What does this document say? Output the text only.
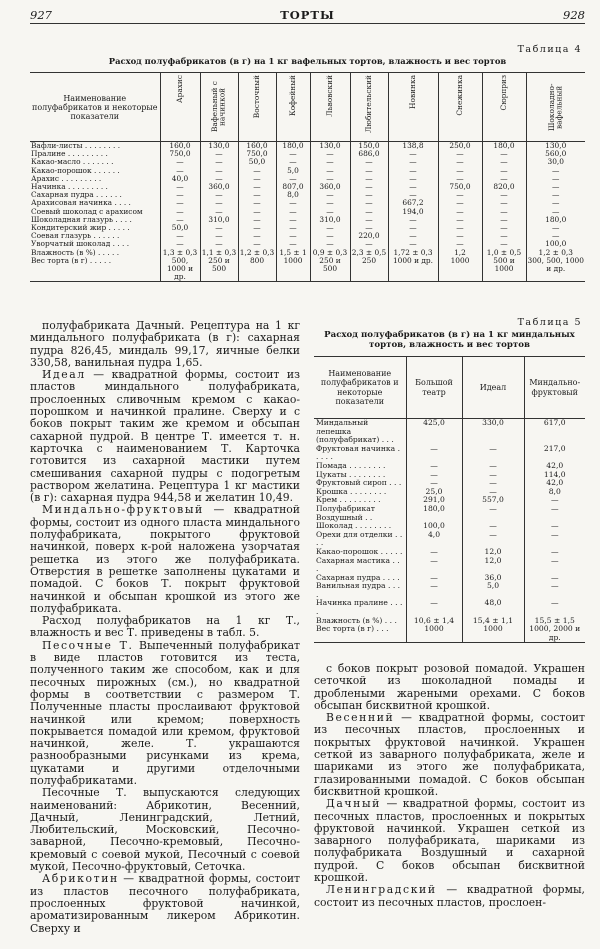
927	ТОРТЫ	928
Таблица 4
Расход полуфабрикатов (в г) на 1 кг вафельных тортов, влажность и вес тортов
Наименование полуфабрикатов и некоторые показатели	Арахис	Вафельный с начинкой	Восточный	Кофейный	Львовский	Любительский	Новинка	Снежинка	Сюрприз	Шоколадно-вафельный

Вафли-листы . . . . . . . .	160,0	130,0	160,0	180,0	130,0	150,0	138,8	250,0	180,0	130,0
Пралине . . . . . . . . .	750,0	—	750,0	—	—	686,0	—	—	—	560,0
Какао-масло . . . . . . .	—	—	50,0	—	—	—	—	—	—	30,0
Какао-порошок . . . . . .	—	—	—	5,0	—	—	—	—	—	—
Арахис . . . . . . . . .	40,0	—	—	—	—	—	—	—	—	—
Начинка . . . . . . . . .	—	360,0	—	807,0	360,0	—	—	750,0	820,0	—
Сахарная пудра . . . . . .	—	—	—	8,0	—	—	—	—	—	—
Арахисовая начинка . . . .	—	—	—	—	—	—	667,2	—	—	—
Соевый шоколад с арахисом	—	—	—	—	—	—	194,0	—	—	—
Шоколадная глазурь . . . .	—	310,0	—	—	310,0	—	—	—	—	180,0
Кондитерский жир . . . . .	50,0	—	—	—	—	—	—	—	—	—
Соевая глазурь . . . . . .	—	—	—	—	—	220,0	—	—	—	—
Уворчатый шоколад . . . .	—	—	—	—	—	—	—	—	—	100,0
Влажность (в %) . . . . .	1,3 ± 0,3	1,1 ± 0,3	1,2 ± 0,3	1,5 ± 1	0,9 ± 0,3	2,3 ± 0,5	1,72 ± 0,3	1,2	1,0 ± 0,5	1,2 ± 0,3
Вес торта (в г) . . . . .	500, 1000 и др.	250 и 500	800	1000	250 и 500	250	1000 и др.	1000	500 и 1000	300, 500, 1000 и др.

полуфабриката Дачный. Рецептура на 1 кг миндального полуфабриката (в г): сахарная пудра 826,45, миндаль 99,17, яичные белки 330,58, ванильная пудра 1,65.

Идеал — квадратной формы, состоит из пластов миндального полуфабриката, прослоенных сливочным кремом с какао-порошком и начинкой пралине. Сверху и с боков покрыт таким же кремом и обсыпан сахарной пудрой. В центре Т. имеется т. н. карточка с наименованием Т. Карточка готовится из сахарной мастики путем смешивания сахарной пудры с подогретым раствором желатина. Рецептура 1 кг мастики (в г): сахарная пудра 944,58 и желатин 10,49.

Миндально-фруктовый — квадратной формы, состоит из одного пласта миндального полуфабриката, покрытого фруктовой начинкой, поверх к-рой наложена узорчатая решетка из этого же полуфабриката. Отверстия в решетке заполнены цукатами и помадой. С боков Т. покрыт фруктовой начинкой и обсыпан крошкой из этого же полуфабриката.

Расход полуфабрикатов на 1 кг Т., влажность и вес Т. приведены в табл. 5.

Песочные Т. Выпеченный полуфабрикат в виде пластов готовится из теста, полученного таким же способом, как и для песочных пирожных (см.), но квадратной формы в соответствии с размером Т. Полученные пласты прослаивают фруктовой начинкой или кремом; поверхность покрывается помадой или кремом, фруктовой начинкой, желе. Т. украшаются разнообразными рисунками из крема, цукатами и другими отделочными полуфабрикатами.

Песочные Т. выпускаются следующих наименований: Абрикотин, Весенний, Дачный, Ленинградский, Летний, Любительский, Московский, Песочно-заварной, Песочно-кремовый, Песочно-кремовый с соевой мукой, Песочный с соевой мукой, Песочно-фруктовый, Сеточка.

Абрикотин — квадратной формы, состоит из пластов песочного полуфабриката, прослоенных фруктовой начинкой, ароматизированным ликером Абрикотин. Сверху и

Таблица 5
Расход полуфабрикатов (в г) на 1 кг миндальных тортов, влажность и вес тортов
Наименование полуфабрикатов и некоторые показатели	Большой театр	Идеал	Миндально-фруктовый
Миндальный лепешка (полуфабрикат) . . .	425,0	330,0	617,0
Фруктовая начинка . . . . .	—	—	217,0
Помада . . . . . . . .	—	—	42,0
Цукаты . . . . . . . .	—	—	114,0
Фруктовый сироп . . .	—	—	42,0
Крошка . . . . . . . .	25,0	—	8,0
Крем . . . . . . . . .	291,0	557,0	—
Полуфабрикат Воздушный . .	180,0	—	—
Шоколад . . . . . . . .	100,0	—	—
Орехи для отделки . . . .	4,0	—	—
Какао-порошок . . . . .	—	12,0	—
Сахарная мастика . . .	—	12,0	—
Сахарная пудра . . . .	—	36,0	—
Ванильная пудра . . . .	—	5,0	—
Начинка пралине . . . .	—	48,0	—
Влажность (в %) . . .	10,6 ± 1,4	15,4 ± 1,1	15,5 ± 1,5
Вес торта (в г) . . .	1000	1000	1000, 2000 и др.

с боков покрыт розовой помадой. Украшен сеточкой из шоколадной помады и дроблеными жареными орехами. С боков обсыпан бисквитной крошкой.

Весенний — квадратной формы, состоит из песочных пластов, прослоенных и покрытых фруктовой начинкой. Украшен сеткой из заварного полуфабриката, желе и шариками из этого же полуфабриката, глазированными помадой. С боков обсыпан бисквитной крошкой.

Дачный — квадратной формы, состоит из песочных пластов, прослоенных и покрытых фруктовой начинкой. Украшен сеткой из заварного полуфабриката, шариками из полуфабриката Воздушный и сахарной пудрой. С боков обсыпан бисквитной крошкой.

Ленинградский — квадратной формы, состоит из песочных пластов, прослоен-
